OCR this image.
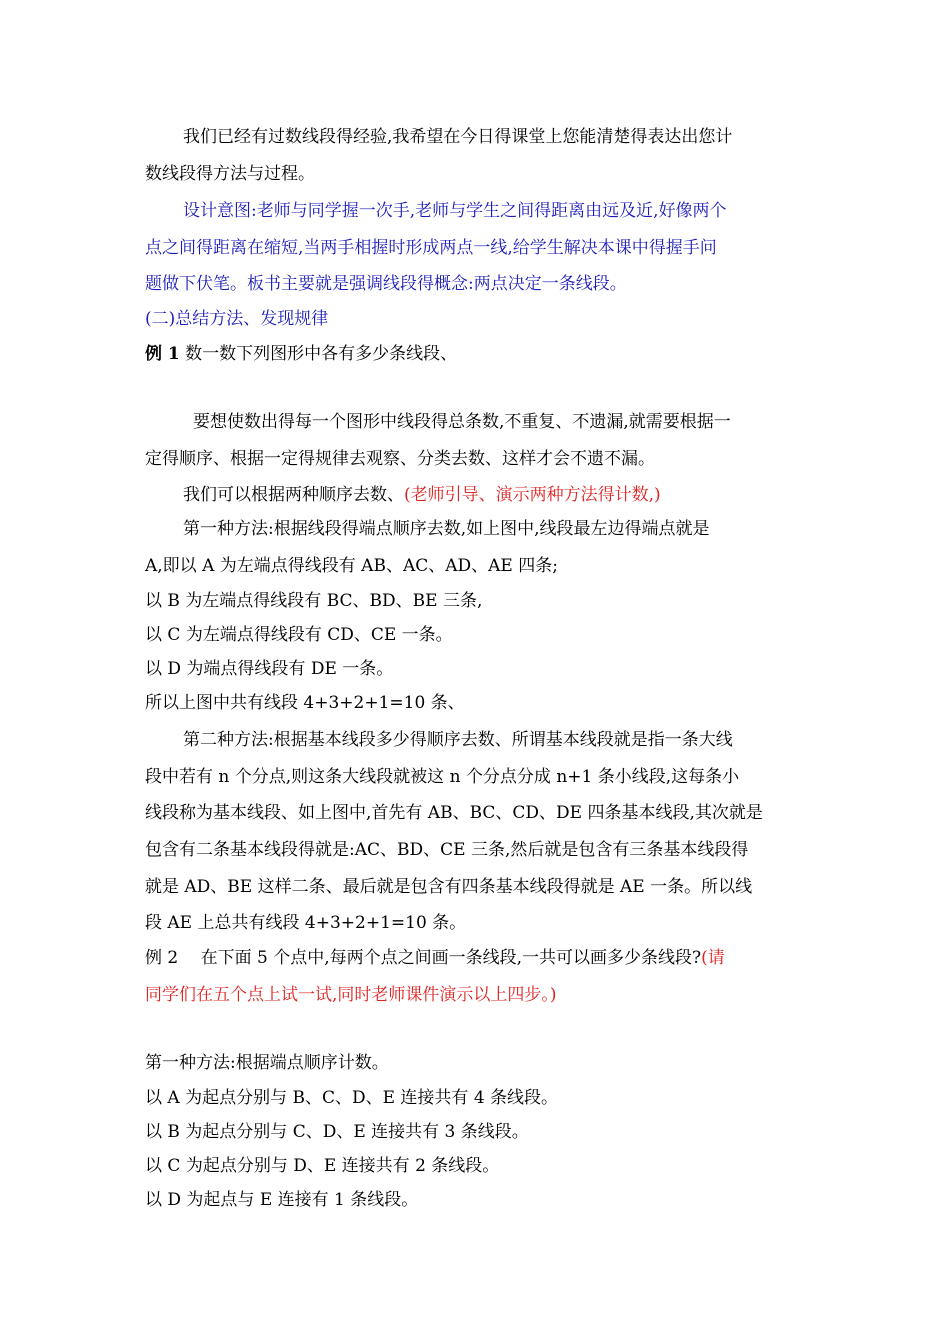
我们已经有过数线段得经验,我希望在今日得课堂上您能清楚得表达出您计
数线段得方法与过程。
设计意图:老师与同学握一次手,老师与学生之间得距离由远及近,好像两个
点之间得距离在缩短,当两手相握时形成两点一线,给学生解决本课中得握手问
题做下伏笔。板书主要就是强调线段得概念:两点决定一条线段。
(二)总结方法、发现规律
例 1 数一数下列图形中各有多少条线段、
要想使数出得每一个图形中线段得总条数,不重复、不遗漏,就需要根据一
定得顺序、根据一定得规律去观察、分类去数、这样才会不遗不漏。
我们可以根据两种顺序去数、(老师引导、演示两种方法得计数,)
第一种方法:根据线段得端点顺序去数,如上图中,线段最左边得端点就是
A,即以 A 为左端点得线段有 AB、AC、AD、AE 四条;
以 B 为左端点得线段有 BC、BD、BE 三条,
以 C 为左端点得线段有 CD、CE 一条。
以 D 为端点得线段有 DE 一条。
所以上图中共有线段 4+3+2+1=10 条、
第二种方法:根据基本线段多少得顺序去数、所谓基本线段就是指一条大线
段中若有 n 个分点,则这条大线段就被这 n 个分点分成 n+1 条小线段,这每条小
线段称为基本线段、如上图中,首先有 AB、BC、CD、DE 四条基本线段,其次就是
包含有二条基本线段得就是:AC、BD、CE 三条,然后就是包含有三条基本线段得
就是 AD、BE 这样二条、最后就是包含有四条基本线段得就是 AE 一条。所以线
段 AE 上总共有线段 4+3+2+1=10 条。
例 2　 在下面 5 个点中,每两个点之间画一条线段,一共可以画多少条线段?(请
同学们在五个点上试一试,同时老师课件演示以上四步。)
第一种方法:根据端点顺序计数。
以 A 为起点分别与 B、C、D、E 连接共有 4 条线段。
以 B 为起点分别与 C、D、E 连接共有 3 条线段。
以 C 为起点分别与 D、E 连接共有 2 条线段。
以 D 为起点与 E 连接有 1 条线段。
